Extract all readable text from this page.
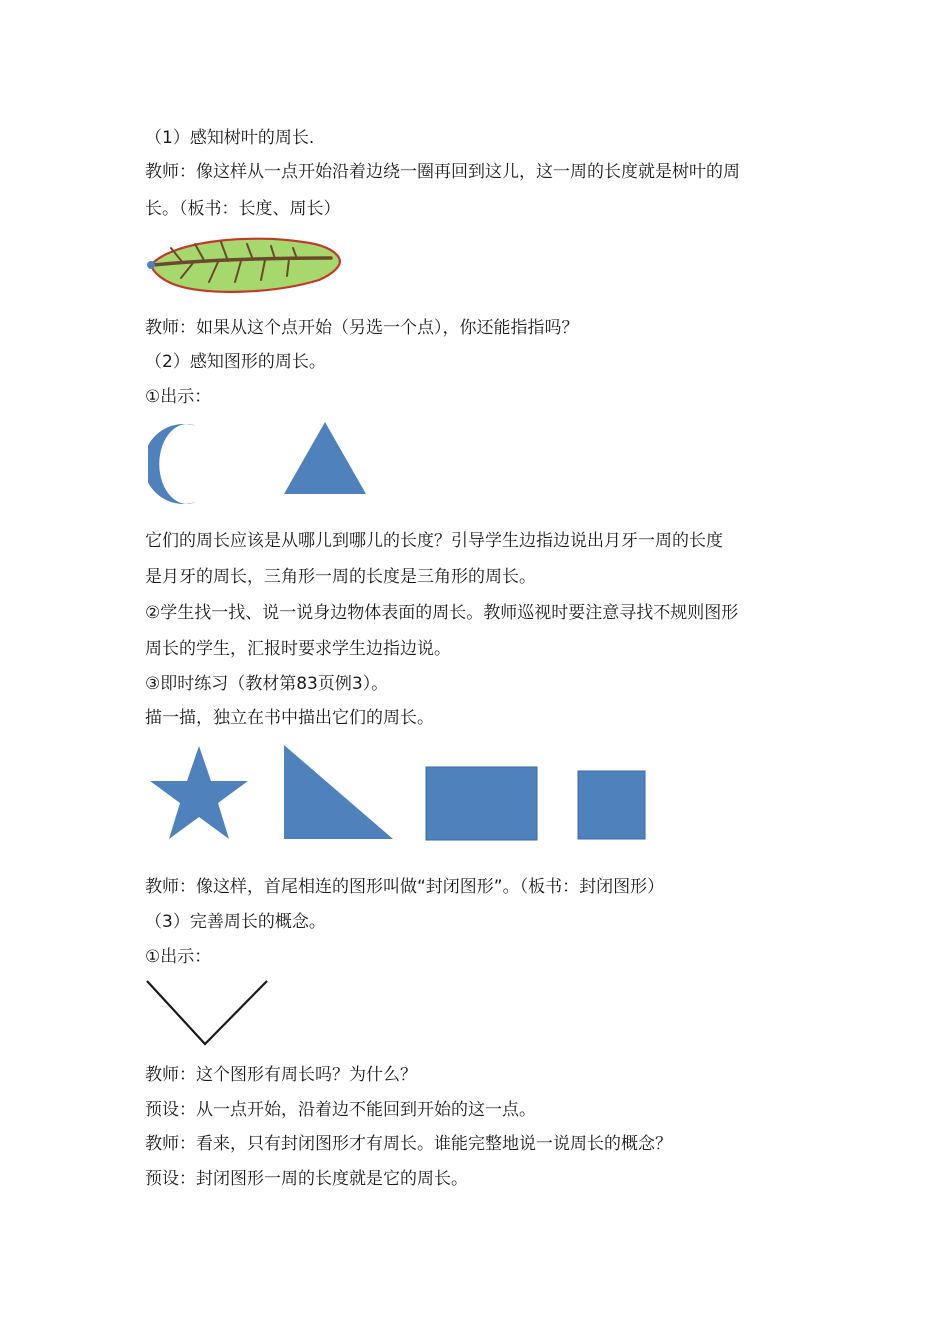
（1）感知树叶的周长.
教师：像这样从一点开始沿着边绕一圈再回到这儿，这一周的长度就是树叶的周
长。（板书：长度、周长）
教师：如果从这个点开始（另选一个点），你还能指指吗？
（2）感知图形的周长。
①出示：
它们的周长应该是从哪儿到哪儿的长度？引导学生边指边说出月牙一周的长度
是月牙的周长，三角形一周的长度是三角形的周长。
②学生找一找、说一说身边物体表面的周长。教师巡视时要注意寻找不规则图形
周长的学生，汇报时要求学生边指边说。
③即时练习（教材第83页例3）。
描一描，独立在书中描出它们的周长。
教师：像这样，首尾相连的图形叫做“封闭图形”。（板书：封闭图形）
（3）完善周长的概念。
①出示：
教师：这个图形有周长吗？为什么？
预设：从一点开始，沿着边不能回到开始的这一点。
教师：看来，只有封闭图形才有周长。谁能完整地说一说周长的概念？
预设：封闭图形一周的长度就是它的周长。
